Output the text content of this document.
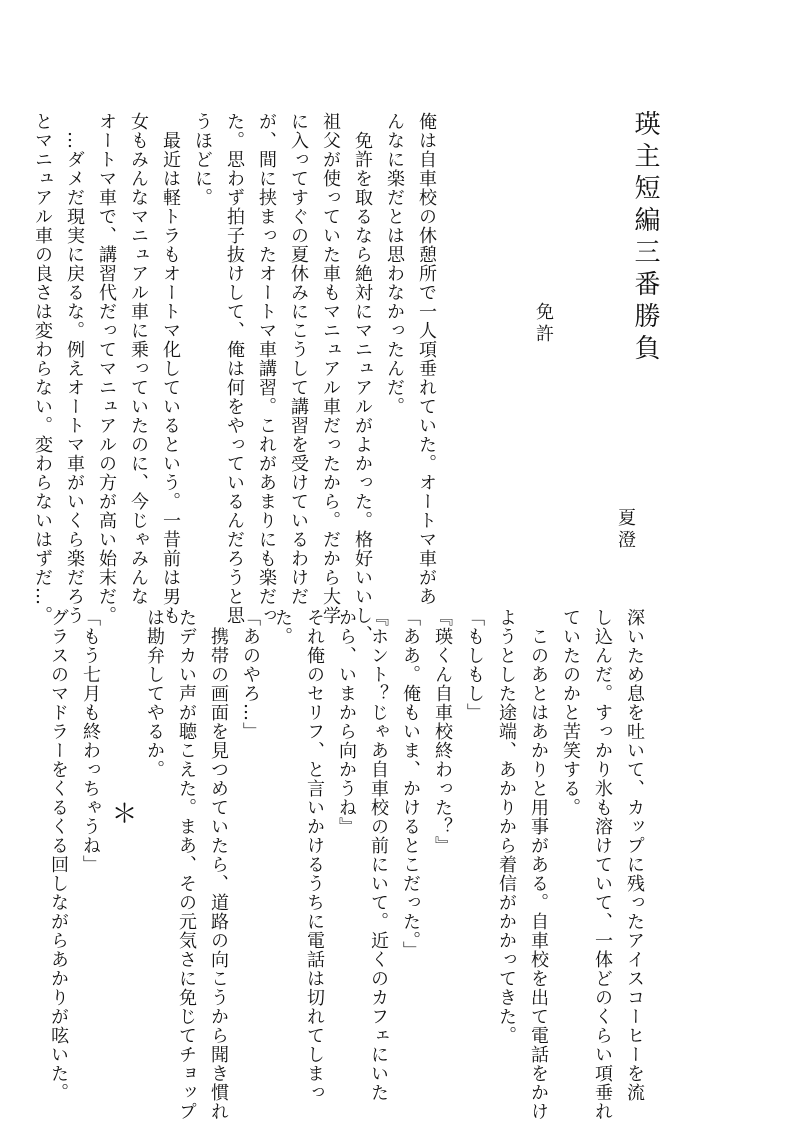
瑛主短編三番勝負
免許
夏澄

俺は自車校の休憩所で一人項垂れていた。オートマ車があ

んなに楽だとは思わなかったんだ。

　免許を取るなら絶対にマニュアルがよかった。格好いいし、

祖父が使っていた車もマニュアル車だったから。だから大学

に入ってすぐの夏休みにこうして講習を受けているわけだ

が、間に挟まったオートマ車講習。これがあまりにも楽だっ

た。思わず拍子抜けして、俺は何をやっているんだろうと思

うほどに。

　最近は軽トラもオートマ化しているという。一昔前は男も

女もみんなマニュアル車に乗っていたのに、今じゃみんな

オートマ車で、講習代だってマニュアルの方が高い始末だ。

　…ダメだ現実に戻るな。例えオートマ車がいくら楽だろう

とマニュアル車の良さは変わらない。変わらないはずだ…。

深いため息を吐いて、カップに残ったアイスコーヒーを流

し込んだ。すっかり氷も溶けていて、一体どのくらい項垂れ

ていたのかと苦笑する。

　このあとはあかりと用事がある。自車校を出て電話をかけ

ようとした途端、あかりから着信がかかってきた。

「もしもし」

『瑛くん自車校終わった？』

「ああ。俺もいま、かけるとこだった。」

『ホント？じゃあ自車校の前にいて。近くのカフェにいた

から、いまから向かうね』

それ俺のセリフ、と言いかけるうちに電話は切れてしまっ

た。

「あのやろ…」

　携帯の画面を見つめていたら、道路の向こうから聞き慣れ

たデカい声が聴こえた。まあ、その元気さに免じてチョップ

は勘弁してやるか。

＊

「もう七月も終わっちゃうね」

グラスのマドラーをくるくる回しながらあかりが呟いた。
